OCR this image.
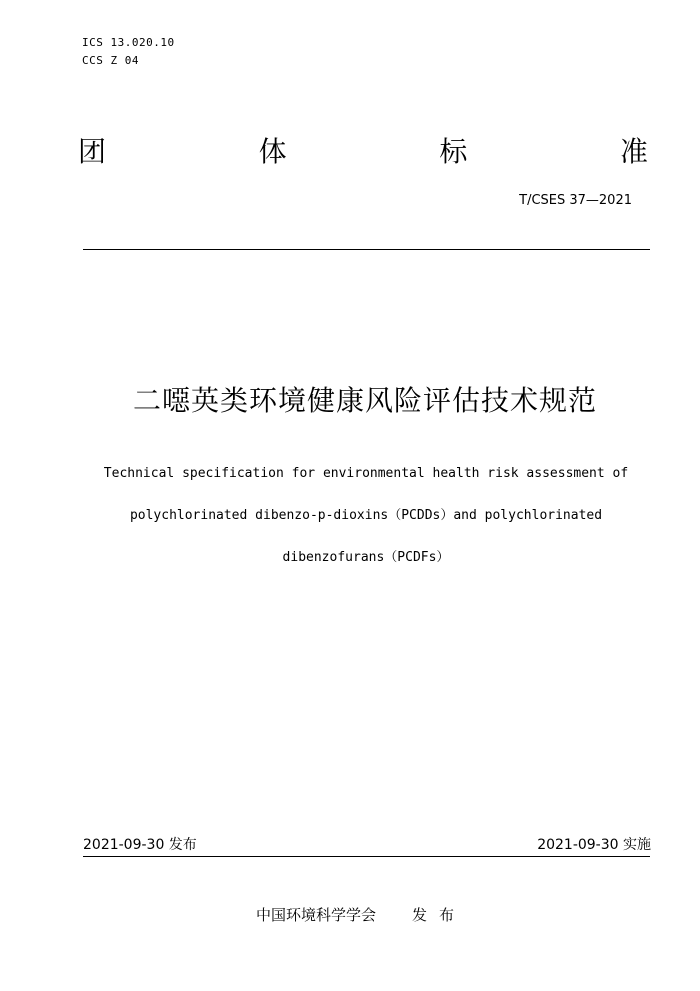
ICS 13.020.10
CCS Z 04
团	体	标	准
T/CSES 37—2021
二噁英类环境健康风险评估技术规范

Technical specification for environmental health risk assessment of

polychlorinated dibenzo-p-dioxins（PCDDs）and polychlorinated

dibenzofurans（PCDFs）

2021-09-30 发布	2021-09-30 实施
中国环境科学学会 发布
